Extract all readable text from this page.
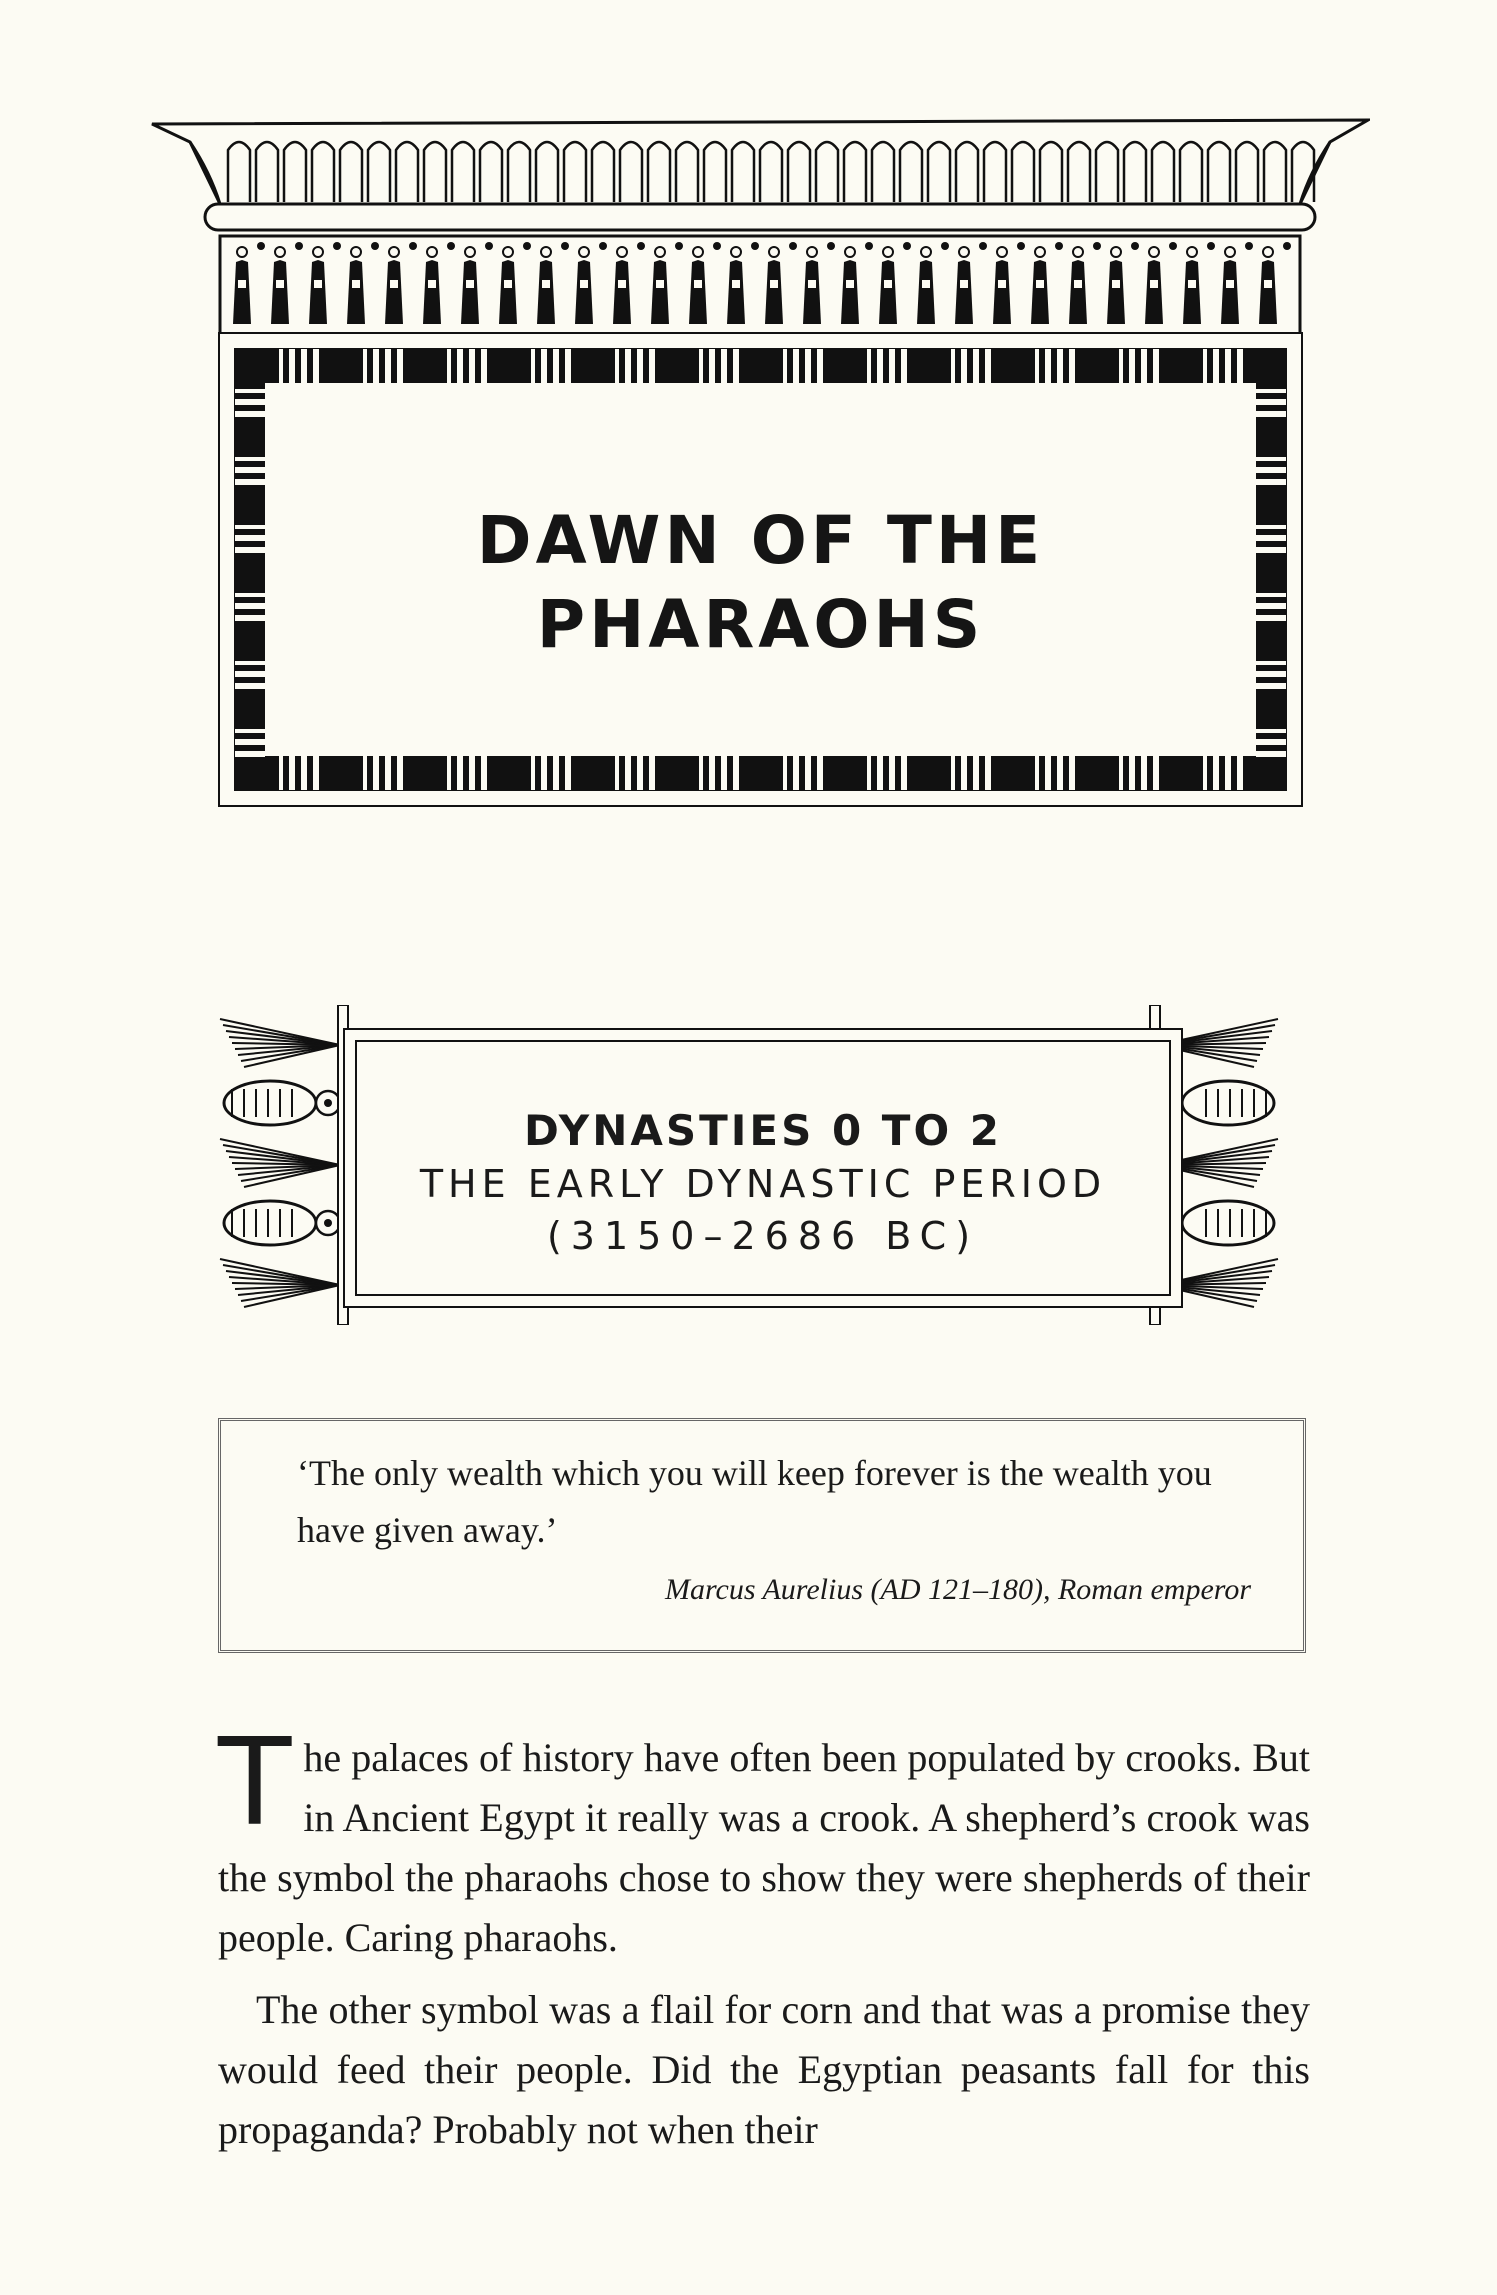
DAWN OF THE PHARAOHS
DYNASTIES 0 TO 2
THE EARLY DYNASTIC PERIOD
(3150–2686 BC)
‘The only wealth which you will keep forever is the wealth you have given away.’
Marcus Aurelius (AD 121–180), Roman emperor

The palaces of history have often been populated by crooks. But in Ancient Egypt it really was a crook. A shepherd’s crook was the symbol the pharaohs chose to show they were shepherds of their people. Caring pharaohs.

The other symbol was a flail for corn and that was a promise they would feed their people. Did the Egyptian peasants fall for this propaganda? Probably not when their
